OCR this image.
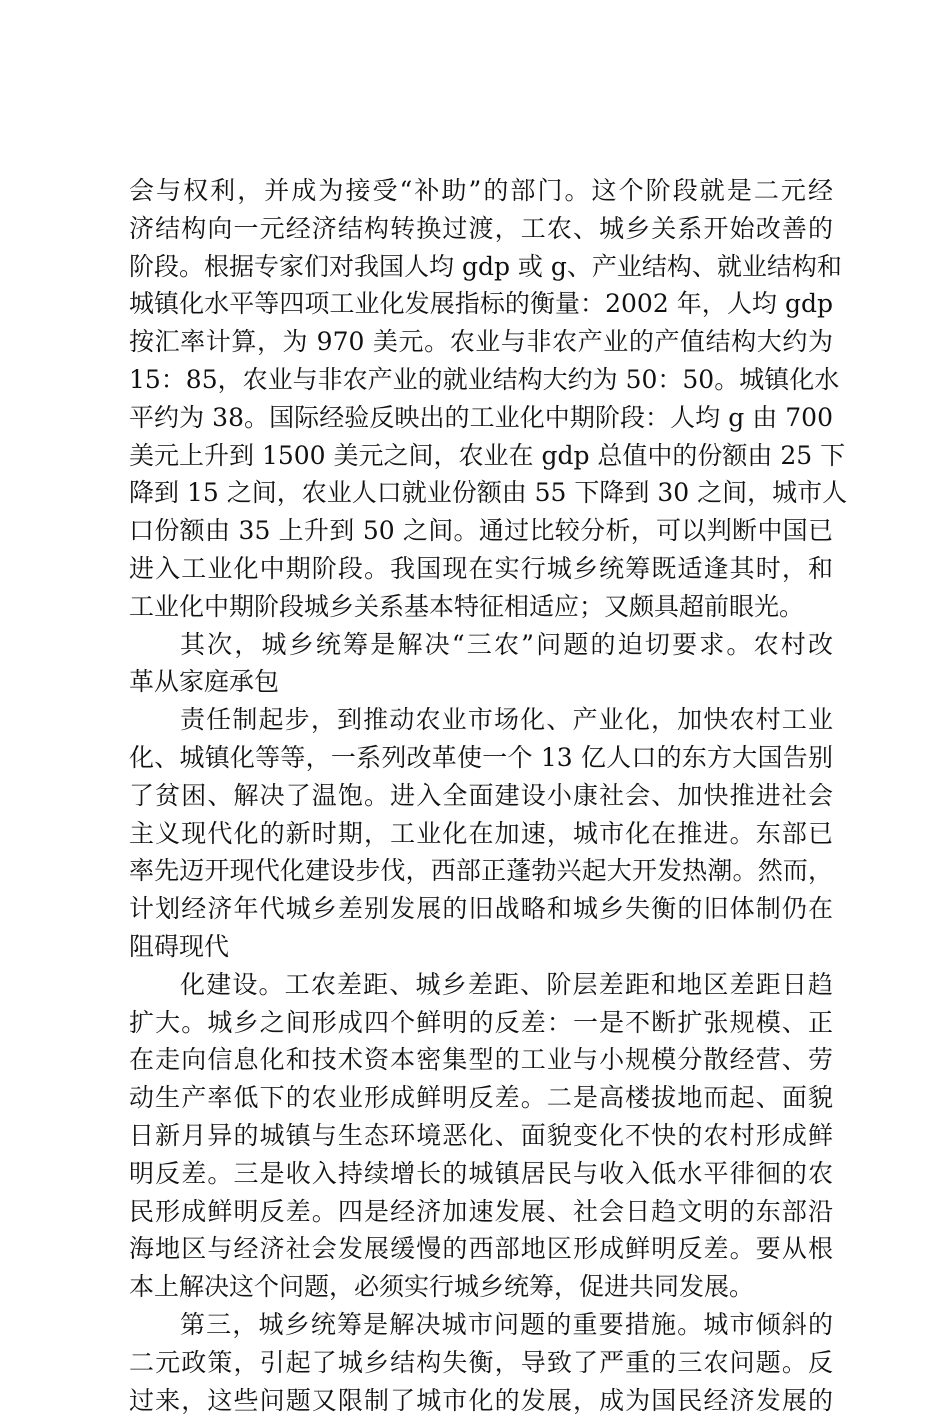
会与权利，并成为接受“补助”的部门。这个阶段就是二元经
济结构向一元经济结构转换过渡，工农、城乡关系开始改善的
阶段。根据专家们对我国人均 gdp 或 g、产业结构、就业结构和
城镇化水平等四项工业化发展指标的衡量：2002 年，人均 gdp
按汇率计算，为 970 美元。农业与非农产业的产值结构大约为
15：85，农业与非农产业的就业结构大约为 50：50。城镇化水
平约为 38。国际经验反映出的工业化中期阶段：人均 g 由 700
美元上升到 1500 美元之间，农业在 gdp 总值中的份额由 25 下
降到 15 之间，农业人口就业份额由 55 下降到 30 之间，城市人
口份额由 35 上升到 50 之间。通过比较分析，可以判断中国已
进入工业化中期阶段。我国现在实行城乡统筹既适逢其时，和
工业化中期阶段城乡关系基本特征相适应；又颇具超前眼光。
其次，城乡统筹是解决“三农”问题的迫切要求。农村改
革从家庭承包
责任制起步，到推动农业市场化、产业化，加快农村工业
化、城镇化等等，一系列改革使一个 13 亿人口的东方大国告别
了贫困、解决了温饱。进入全面建设小康社会、加快推进社会
主义现代化的新时期，工业化在加速，城市化在推进。东部已
率先迈开现代化建设步伐，西部正蓬勃兴起大开发热潮。然而，
计划经济年代城乡差别发展的旧战略和城乡失衡的旧体制仍在
阻碍现代
化建设。工农差距、城乡差距、阶层差距和地区差距日趋
扩大。城乡之间形成四个鲜明的反差：一是不断扩张规模、正
在走向信息化和技术资本密集型的工业与小规模分散经营、劳
动生产率低下的农业形成鲜明反差。二是高楼拔地而起、面貌
日新月异的城镇与生态环境恶化、面貌变化不快的农村形成鲜
明反差。三是收入持续增长的城镇居民与收入低水平徘徊的农
民形成鲜明反差。四是经济加速发展、社会日趋文明的东部沿
海地区与经济社会发展缓慢的西部地区形成鲜明反差。要从根
本上解决这个问题，必须实行城乡统筹，促进共同发展。
第三，城乡统筹是解决城市问题的重要措施。城市倾斜的
二元政策，引起了城乡结构失衡，导致了严重的三农问题。反
过来，这些问题又限制了城市化的发展，成为国民经济发展的
